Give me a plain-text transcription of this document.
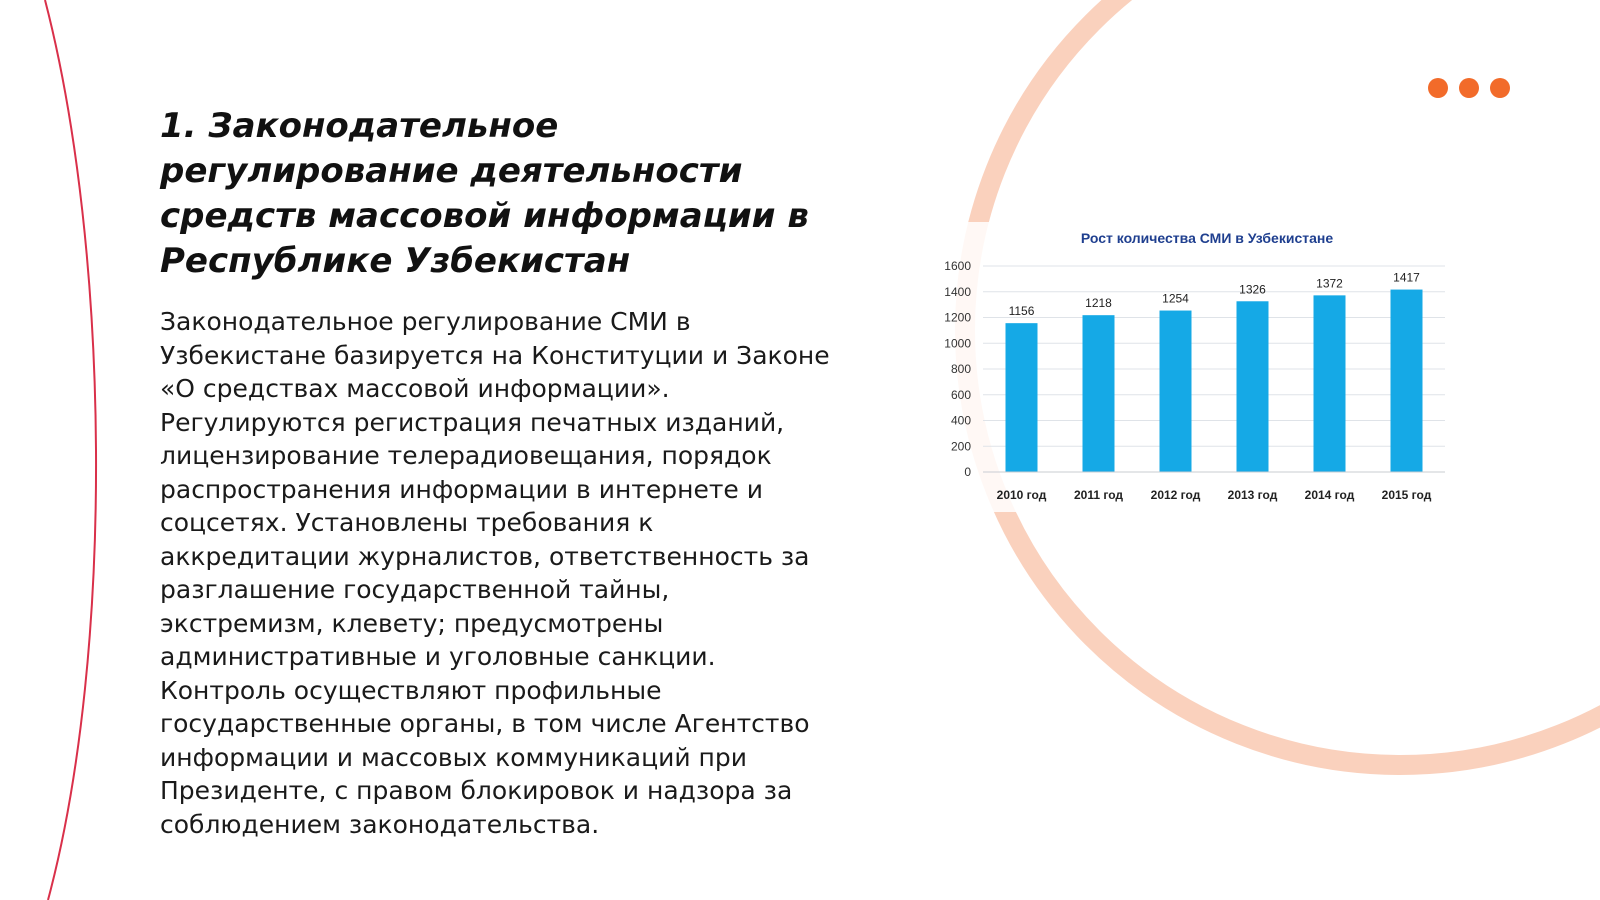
1. Законодательное регулирование деятельности средств массовой информации в Республике Узбекистан

Законодательное регулирование СМИ в Узбекистане базируется на Конституции и Законе «О средствах массовой информации». Регулируются регистрация печатных изданий, лицензирование телерадиовещания, порядок распространения информации в интернете и соцсетях. Установлены требования к аккредитации журналистов, ответственность за разглашение государственной тайны, экстремизм, клевету; предусмотрены административные и уголовные санкции. Контроль осуществляют профильные государственные органы, в том числе Агентство информации и массовых коммуникаций при Президенте, с правом блокировок и надзора за соблюдением законодательства.

Рост количества СМИ в Узбекистане
0
200
400
600
800
1000
1200
1400
1600
1156
1218	1254
1326	1372	1417
2010 год 2011 год 2012 год 2013 год 2014 год 2015 год
